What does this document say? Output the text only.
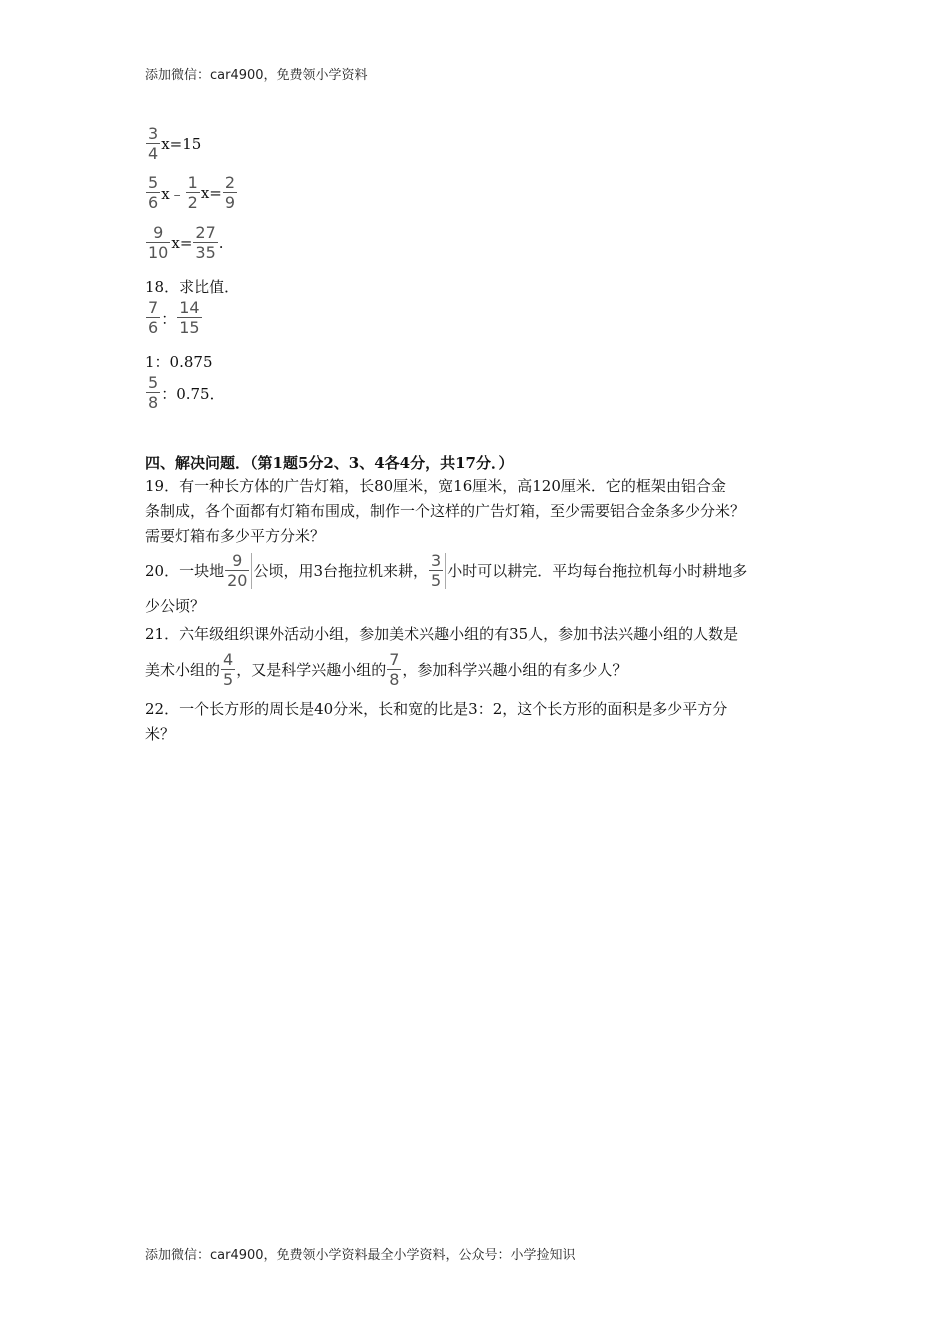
添加微信：car4900，免费领小学资料
$\frac{3}{4} x=15$
$\frac{5}{6}$ x﹣ $\frac{1}{2} x= \frac{2}{9}$
$\frac{9}{10} x= \frac{27}{35}$ .
18．求比值．
$\frac{7}{6}$ ： $\frac{14}{15}$
1：0.875
$\frac{5}{8}$ ：0.75．
四、解决问题．（第1题5分2、3、4各4分，共17分．）
19．有一种长方体的广告灯箱，长80厘米，宽16厘米，高120厘米．它的框架由铝合金
条制成，各个面都有灯箱布围成，制作一个这样的广告灯箱，至少需要铝合金条多少分米？
需要灯箱布多少平方分米？
20．一块地 $\frac{9}{20}$ 公顷，用3台拖拉机来耕， $\frac{3}{5}$ 小时可以耕完．平均每台拖拉机每小时耕地多
少公顷？
21．六年级组织课外活动小组，参加美术兴趣小组的有35人，参加书法兴趣小组的人数是
美术小组的 $\frac{4}{5}$ ，又是科学兴趣小组的 $\frac{7}{8}$ ，参加科学兴趣小组的有多少人？
22．一个长方形的周长是40分米，长和宽的比是3：2，这个长方形的面积是多少平方分
米？
添加微信：car4900，免费领小学资料最全小学资料，公众号：小学捡知识
